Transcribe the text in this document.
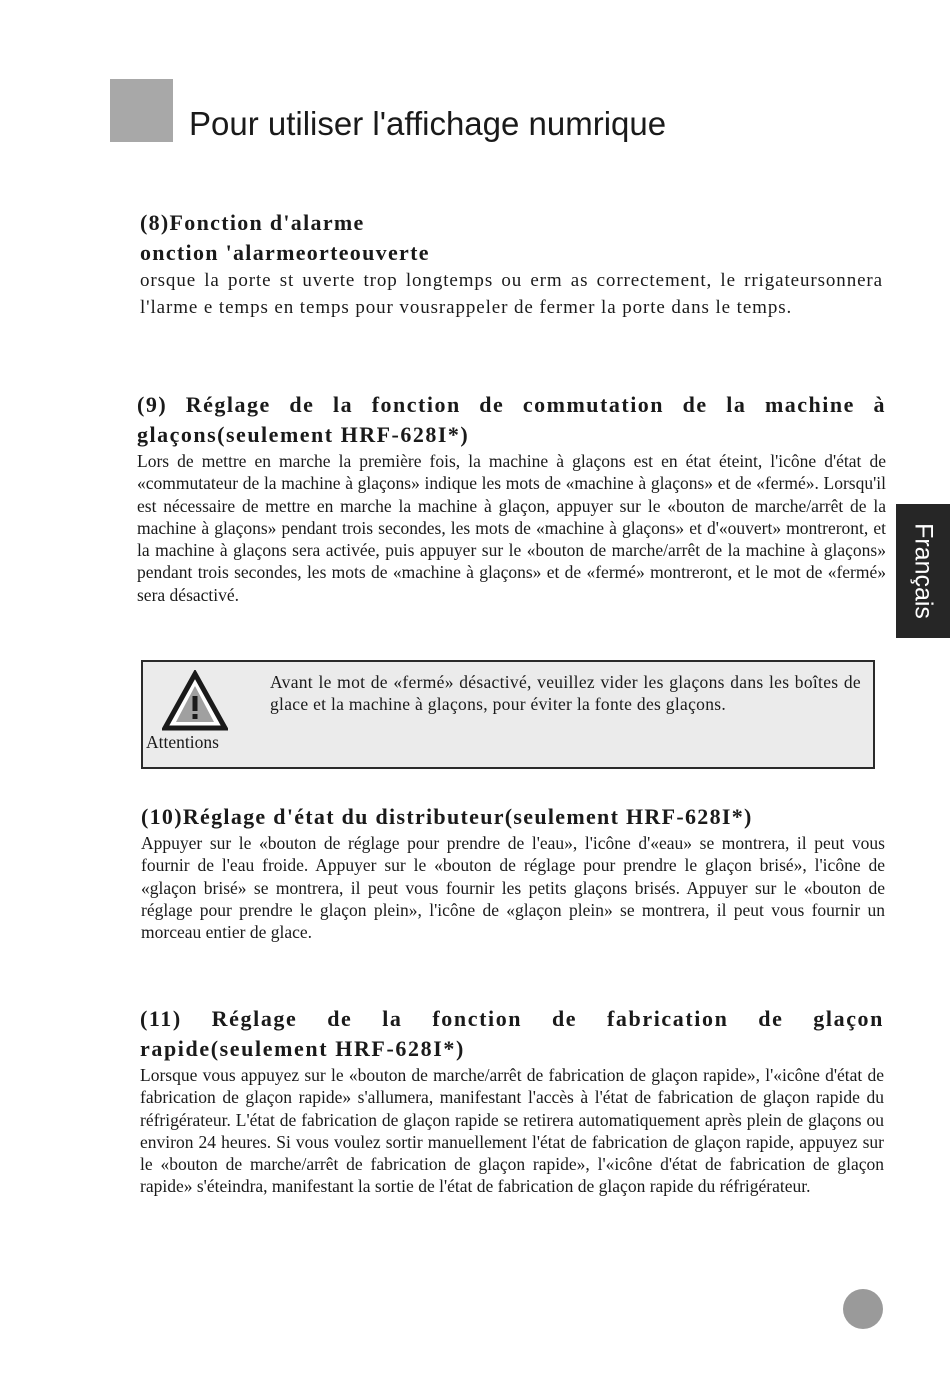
Pour utiliser l'affichage numrique

(8)Fonction d'alarme
onction 'alarmeorteouverte

orsque la porte st uverte trop longtemps ou erm as correctement, le rrigateursonnera l'larme e temps en temps pour vousrappeler de fermer la porte dans le temps.

(9) Réglage de la fonction de commutation de la machine à glaçons(seulement HRF-628I*)

Lors de mettre en marche la première fois, la machine à glaçons est en état éteint, l'icône d'état de «commutateur de la machine à glaçons» indique les mots de «machine à glaçons» et de «fermé». Lorsqu'il est nécessaire de mettre en marche la machine à glaçon, appuyer sur le «bouton de marche/arrêt de la machine à glaçons» pendant trois secondes, les mots de «machine à glaçons» et d'«ouvert» montreront, et la machine à glaçons sera activée, puis appuyer sur le «bouton de marche/arrêt de la machine à glaçons» pendant trois secondes, les mots de «machine à glaçons» et de «fermé» montreront, et le mot de «fermé» sera désactivé.

Attentions

Avant le mot de «fermé» désactivé, veuillez vider les glaçons dans les boîtes de glace et la machine à glaçons, pour éviter la fonte des glaçons.

(10)Réglage d'état du distributeur(seulement HRF-628I*)

Appuyer sur le «bouton de réglage pour prendre de l'eau», l'icône d'«eau» se montrera, il peut vous fournir de l'eau froide. Appuyer sur le «bouton de réglage pour prendre le glaçon brisé», l'icône de «glaçon brisé» se montrera, il peut vous fournir les petits glaçons brisés. Appuyer sur le «bouton de réglage pour prendre le glaçon plein», l'icône de «glaçon plein» se montrera, il peut vous fournir un morceau entier de glace.

(11) Réglage de la fonction de fabrication de glaçon rapide(seulement HRF-628I*)

Lorsque vous appuyez sur le «bouton de marche/arrêt de fabrication de glaçon rapide», l'«icône d'état de fabrication de glaçon rapide» s'allumera, manifestant l'accès à l'état de fabrication de glaçon rapide du réfrigérateur. L'état de fabrication de glaçon rapide se retirera automatiquement après plein de glaçons ou environ 24 heures. Si vous voulez sortir manuellement l'état de fabrication de glaçon rapide, appuyez sur le «bouton de marche/arrêt de fabrication de glaçon rapide», l'«icône d'état de fabrication de glaçon rapide» s'éteindra, manifestant la sortie de l'état de fabrication de glaçon rapide du réfrigérateur.

Français
